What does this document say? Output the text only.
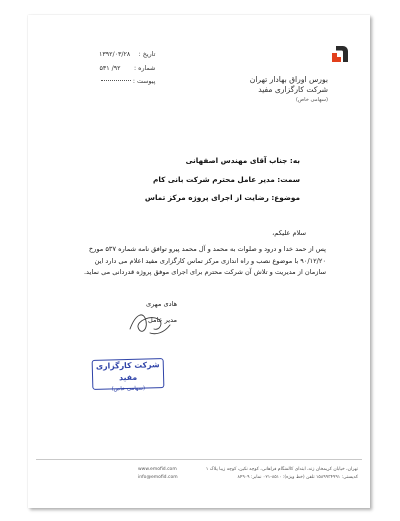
بورس اوراق بهادار تهران
شرکت کارگزاری مفید
(سهامی خاص)
تاریخ : ۱۳۹۲/۰۳/۲۸
شماره : ۹۲/ ۵۳۱
پیوست :
به: جناب آقای مهندس اصفهانی
سمت: مدیر عامل محترم شرکت بانی کام
موضوع: رضایت از اجرای پروژه مرکز تماس
سلام علیکم،
پس از حمد خدا و درود و صلوات به محمد و آل محمد پیرو توافق نامه شماره ۵۳۷ مورخ ۹۰/۱۲/۲۰ با موضوع نصب و راه اندازی مرکز تماس کارگزاری مفید اعلام می دارد این سازمان از مدیریت و تلاش آن شرکت محترم برای اجرای موفق پروژه قدردانی می نماید.
هادی مهری
مدیر عامل
شرکت کارگزاری مفید
(سهامی خاص)
تهران، خیابان کریمخان زند، ابتدای کالمنگام فراهانی، کوچه نکین، کوچه زیبا پلاک ۱
کدپستی: ۱۵۸۹۹۳۴۹۹۱ تلفن (خط ویژه): ۸۵۱۰-۰۲۱ نمابر: ۸۴۹۰۹
www.emofid.com
info@emofid.com
